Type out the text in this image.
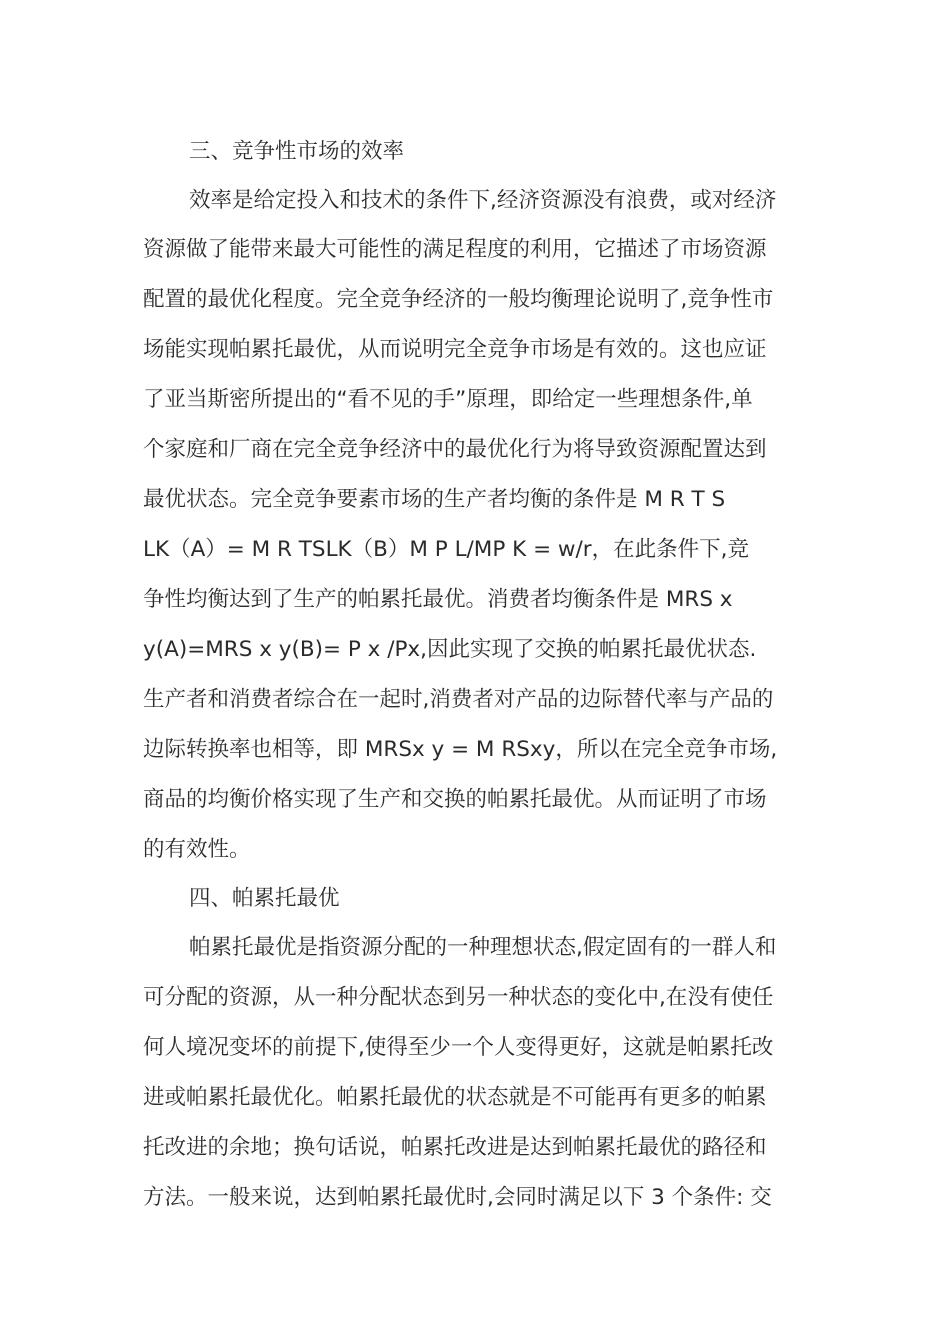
三、竞争性市场的效率
效率是给定投入和技术的条件下,经济资源没有浪费，或对经济
资源做了能带来最大可能性的满足程度的利用，它描述了市场资源
配置的最优化程度。完全竞争经济的一般均衡理论说明了,竞争性市
场能实现帕累托最优，从而说明完全竞争市场是有效的。这也应证
了亚当斯密所提出的“看不见的手”原理，即给定一些理想条件,单
个家庭和厂商在完全竞争经济中的最优化行为将导致资源配置达到
最优状态。完全竞争要素市场的生产者均衡的条件是 M R T S
LK（A）= M R TSLK（B）M P L/MP K = w/r，在此条件下,竞
争性均衡达到了生产的帕累托最优。消费者均衡条件是 MRS x
y(A)=MRS x y(B)= P x /Px,因此实现了交换的帕累托最优状态.
生产者和消费者综合在一起时,消费者对产品的边际替代率与产品的
边际转换率也相等，即 MRSx y = M RSxy，所以在完全竞争市场,
商品的均衡价格实现了生产和交换的帕累托最优。从而证明了市场
的有效性。
四、帕累托最优
帕累托最优是指资源分配的一种理想状态,假定固有的一群人和
可分配的资源，从一种分配状态到另一种状态的变化中,在没有使任
何人境况变坏的前提下,使得至少一个人变得更好，这就是帕累托改
进或帕累托最优化。帕累托最优的状态就是不可能再有更多的帕累
托改进的余地；换句话说，帕累托改进是达到帕累托最优的路径和
方法。一般来说，达到帕累托最优时,会同时满足以下 3 个条件: 交
